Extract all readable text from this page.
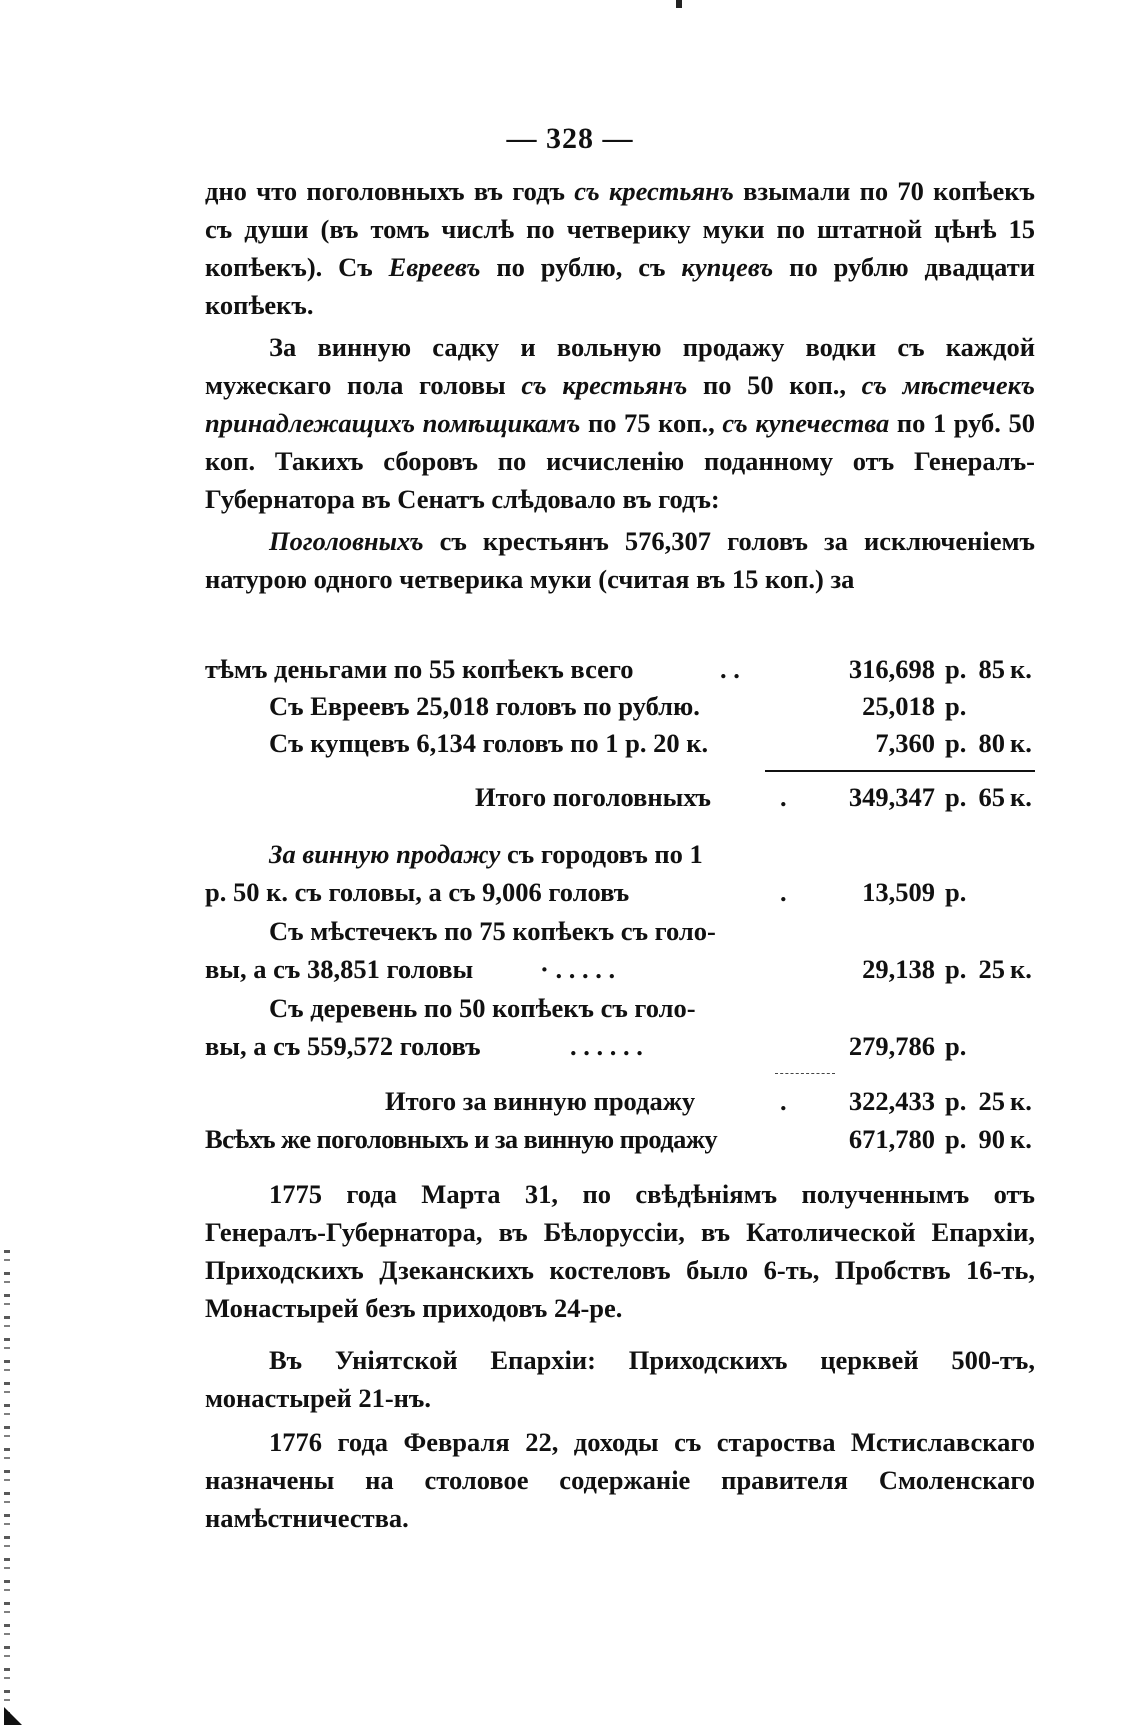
— 328 —

дно что поголовныхъ въ годъ съ крестьянъ взымали по 70 копѣекъ съ души (въ томъ числѣ по четверику муки по штатной цѣнѣ 15 копѣекъ). Съ Евреевъ по рублю, съ купцевъ по рублю двадцати копѣекъ.

За винную садку и вольную продажу водки съ каждой мужескаго пола головы съ крестьянъ по 50 коп., съ мѣстечекъ принадлежащихъ помѣщикамъ по 75 коп., съ купечества по 1 руб. 50 коп. Такихъ сборовъ по исчисленію поданному отъ Генералъ-Губернатора въ Сенатъ слѣдовало въ годъ:

Поголовныхъ съ крестьянъ 576,307 головъ за исключеніемъ натурою одного четверика муки (считая въ 15 коп.) за

тѣмъ деньгами по 55 копѣекъ всего	. .	316,698 р. 85 к.
Съ Евреевъ 25,018 головъ по рублю.	25,018 р.
Съ купцевъ 6,134 головъ по 1 р. 20 к.	7,360 р. 80 к.
Итого поголовныхъ	. 349,347 р. 65 к.
За винную продажу съ городовъ по 1
р. 50 к. съ головы, а съ 9,006 головъ	.	13,509 р.
Съ мѣстечекъ по 75 копѣекъ съ голо-
вы, а съ 38,851 головы	· . . . . .	29,138 р. 25 к.
Съ деревень по 50 копѣекъ съ голо-
вы, а съ 559,572 головъ	. . . . . .	279,786 р.
Итого за винную продажу	. 322,433 р. 25 к.
Всѣхъ же поголовныхъ и за винную продажу	671,780 р. 90 к.

1775 года Марта 31, по свѣдѣніямъ полученнымъ отъ Генералъ-Губернатора, въ Бѣлоруссіи, въ Католической Епархіи, Приходскихъ Дзеканскихъ костеловъ было 6-ть, Пробствъ 16-ть, Монастырей безъ приходовъ 24-ре.

Въ Уніятской Епархіи: Приходскихъ церквей 500-тъ, монастырей 21-нъ.

1776 года Февраля 22, доходы съ староства Мстиславскаго назначены на столовое содержаніе правителя Смоленскаго намѣстничества.
